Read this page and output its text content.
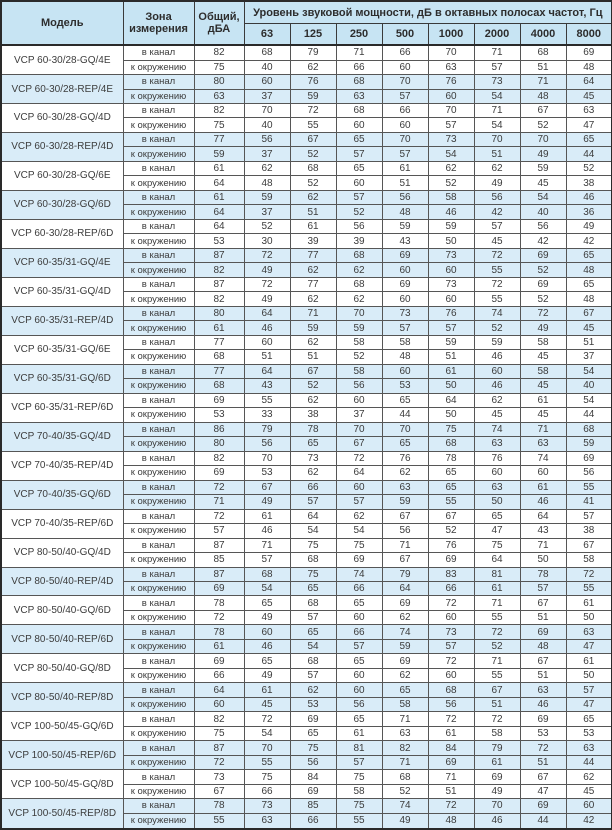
Модель	Зона измерения	Общий, дБА	Уровень звуковой мощности, дБ в октавных полосах частот, Гц							
			63	125	250	500	1000	2000	4000	8000
VCP 60-30/28-GQ/4E	в канал	82	68	79	71	66	70	71	68	69
	к окружению	75	40	62	66	60	63	57	51	48
VCP 60-30/28-REP/4E	в канал	80	60	76	68	70	76	73	71	64
	к окружению	63	37	59	63	57	60	54	48	45
VCP 60-30/28-GQ/4D	в канал	82	70	72	68	66	70	71	67	63
	к окружению	75	40	55	60	60	57	54	52	47
VCP 60-30/28-REP/4D	в канал	77	56	67	65	70	73	70	70	65
	к окружению	59	37	52	57	57	54	51	49	44
VCP 60-30/28-GQ/6E	в канал	61	62	68	65	61	62	62	59	52
	к окружению	64	48	52	60	51	52	49	45	38
VCP 60-30/28-GQ/6D	в канал	61	59	62	57	56	58	56	54	46
	к окружению	64	37	51	52	48	46	42	40	36
VCP 60-30/28-REP/6D	в канал	64	52	61	56	59	59	57	56	49
	к окружению	53	30	39	39	43	50	45	42	42
VCP 60-35/31-GQ/4E	в канал	87	72	77	68	69	73	72	69	65
	к окружению	82	49	62	62	60	60	55	52	48
VCP 60-35/31-GQ/4D	в канал	87	72	77	68	69	73	72	69	65
	к окружению	82	49	62	62	60	60	55	52	48
VCP 60-35/31-REP/4D	в канал	80	64	71	70	73	76	74	72	67
	к окружению	61	46	59	59	57	57	52	49	45
VCP 60-35/31-GQ/6E	в канал	77	60	62	58	58	59	59	58	51
	к окружению	68	51	51	52	48	51	46	45	37
VCP 60-35/31-GQ/6D	в канал	77	64	67	58	60	61	60	58	54
	к окружению	68	43	52	56	53	50	46	45	40
VCP 60-35/31-REP/6D	в канал	69	55	62	60	65	64	62	61	54
	к окружению	53	33	38	37	44	50	45	45	44
VCP 70-40/35-GQ/4D	в канал	86	79	78	70	70	75	74	71	68
	к окружению	80	56	65	67	65	68	63	63	59
VCP 70-40/35-REP/4D	в канал	82	70	73	72	76	78	76	74	69
	к окружению	69	53	62	64	62	65	60	60	56
VCP 70-40/35-GQ/6D	в канал	72	67	66	60	63	65	63	61	55
	к окружению	71	49	57	57	59	55	50	46	41
VCP 70-40/35-REP/6D	в канал	72	61	64	62	67	67	65	64	57
	к окружению	57	46	54	54	56	52	47	43	38
VCP 80-50/40-GQ/4D	в канал	87	71	75	75	71	76	75	71	67
	к окружению	85	57	68	69	67	69	64	50	58
VCP 80-50/40-REP/4D	в канал	87	68	75	74	79	83	81	78	72
	к окружению	69	54	65	66	64	66	61	57	55
VCP 80-50/40-GQ/6D	в канал	78	65	68	65	69	72	71	67	61
	к окружению	72	49	57	60	62	60	55	51	50
VCP 80-50/40-REP/6D	в канал	78	60	65	66	74	73	72	69	63
	к окружению	61	46	54	57	59	57	52	48	47
VCP 80-50/40-GQ/8D	в канал	69	65	68	65	69	72	71	67	61
	к окружению	66	49	57	60	62	60	55	51	50
VCP 80-50/40-REP/8D	в канал	64	61	62	60	65	68	67	63	57
	к окружению	60	45	53	56	58	56	51	46	47
VCP 100-50/45-GQ/6D	в канал	82	72	69	65	71	72	72	69	65
	к окружению	75	54	65	61	63	61	58	53	53
VCP 100-50/45-REP/6D	в канал	87	70	75	81	82	84	79	72	63
	к окружению	72	55	56	57	71	69	61	51	44
VCP 100-50/45-GQ/8D	в канал	73	75	84	75	68	71	69	67	62
	к окружению	67	66	69	58	52	51	49	47	45
VCP 100-50/45-REP/8D	в канал	78	73	85	75	74	72	70	69	60
	к окружению	55	63	66	55	49	48	46	44	42
